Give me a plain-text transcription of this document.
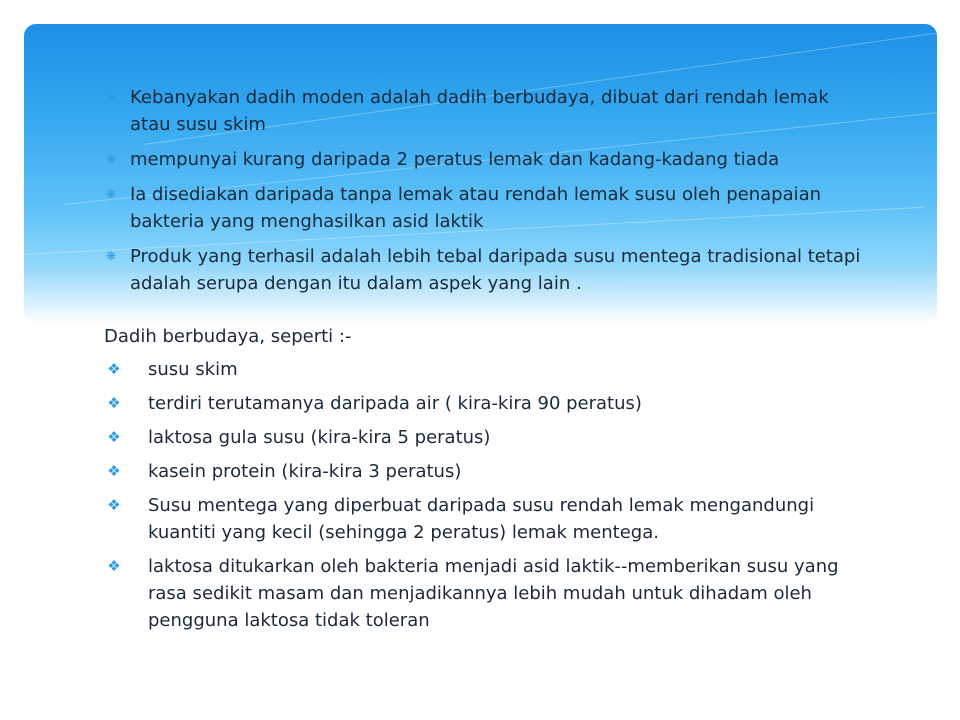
❋ Kebanyakan dadih moden adalah dadih berbudaya, dibuat dari rendah lemak atau susu skim
❋ mempunyai kurang daripada 2 peratus lemak dan kadang-kadang tiada
❋ Ia disediakan daripada tanpa lemak atau rendah lemak susu oleh penapaian bakteria yang menghasilkan asid laktik
❋ Produk yang terhasil adalah lebih tebal daripada susu mentega tradisional tetapi adalah serupa dengan itu dalam aspek yang lain .
Dadih berbudaya, seperti :-
❖ susu skim
❖ terdiri terutamanya daripada air ( kira-kira 90 peratus)
❖ laktosa gula susu (kira-kira 5 peratus)
❖ kasein protein (kira-kira 3 peratus)
❖ Susu mentega yang diperbuat daripada susu rendah lemak mengandungi kuantiti yang kecil (sehingga 2 peratus) lemak mentega.
❖ laktosa ditukarkan oleh bakteria menjadi asid laktik--memberikan susu yang rasa sedikit masam dan menjadikannya lebih mudah untuk dihadam oleh pengguna laktosa tidak toleran
